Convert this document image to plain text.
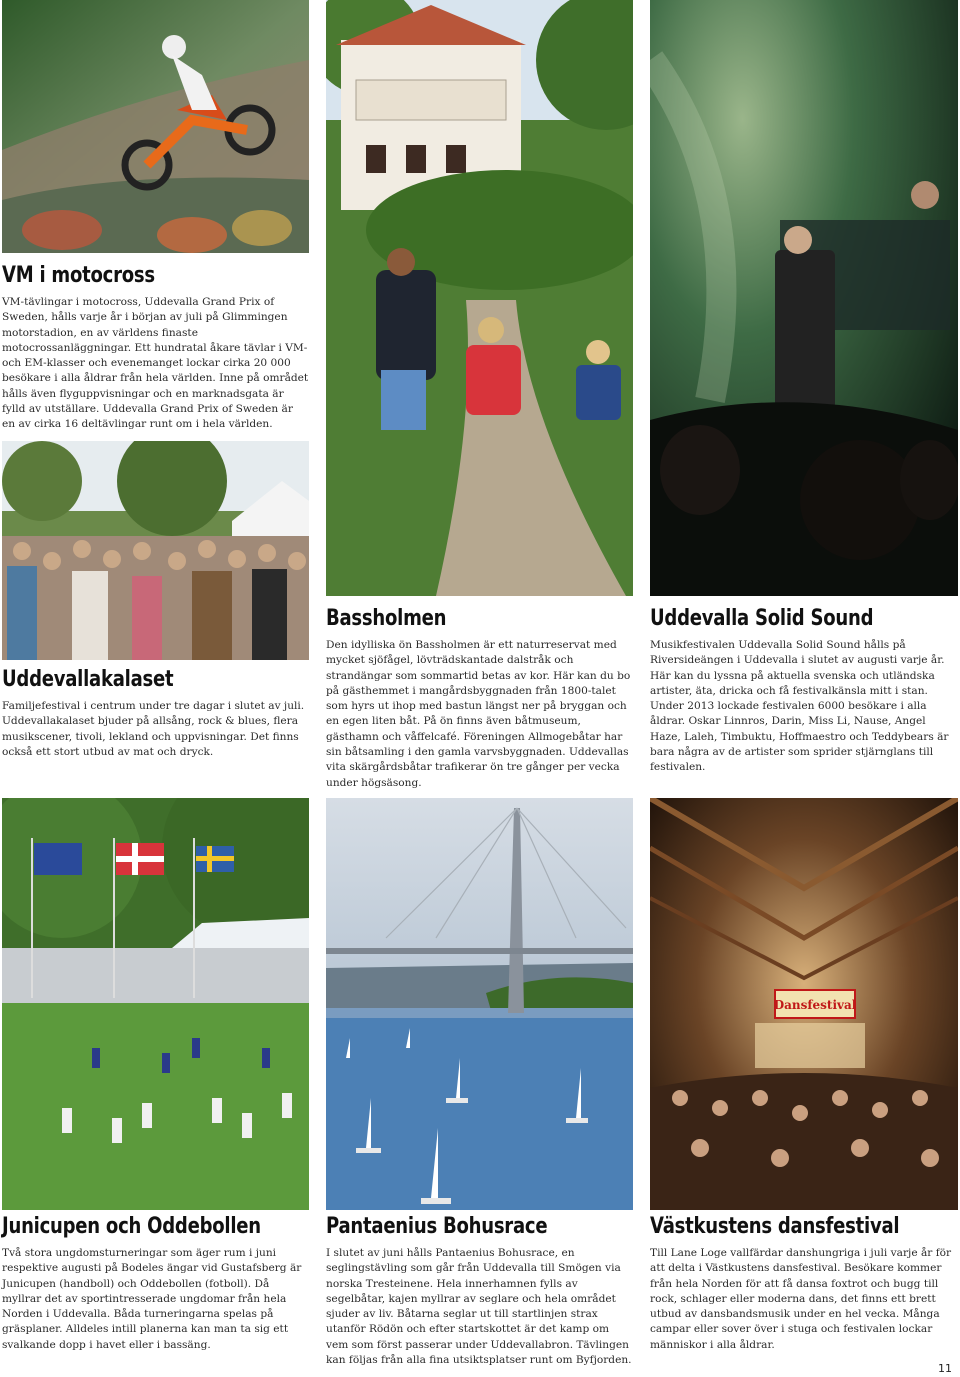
Dansfestival
VM i motocross

VM-tävlingar i motocross, Uddevalla Grand Prix of Sweden, hålls varje år i början av juli på Glimmingen motorstadion, en av världens finaste motocrossanläggningar. Ett hundratal åkare tävlar i VM- och EM-klasser och evenemanget lockar cirka 20 000 besökare i alla åldrar från hela världen. Inne på området hålls även flyguppvisningar och en marknadsgata är fylld av utställare. Uddevalla Grand Prix of Sweden är en av cirka 16 deltävlingar runt om i hela världen.

Uddevallakalaset

Familjefestival i centrum under tre dagar i slutet av juli. Uddevallakalaset bjuder på allsång, rock & blues, flera musikscener, tivoli, lekland och uppvisningar. Det finns också ett stort utbud av mat och dryck.

Bassholmen

Den idylliska ön Bassholmen är ett naturreservat med mycket sjöfågel, lövträdskantade dalstråk och strandängar som sommartid betas av kor. Här kan du bo på gästhemmet i mangårdsbyggnaden från 1800-talet som hyrs ut ihop med bastun längst ner på bryggan och en egen liten båt. På ön finns även båtmuseum, gästhamn och våffelcafé. Föreningen Allmogebåtar har sin båtsamling i den gamla varvsbyggnaden. Uddevallas vita skärgårdsbåtar trafikerar ön tre gånger per vecka under högsäsong.

Uddevalla Solid Sound

Musikfestivalen Uddevalla Solid Sound hålls på Riversideängen i Uddevalla i slutet av augusti varje år. Här kan du lyssna på aktuella svenska och utländska artister, äta, dricka och få festivalkänsla mitt i stan. Under 2013 lockade festivalen 6000 besökare i alla åldrar. Oskar Linnros, Darin, Miss Li, Nause, Angel Haze, Laleh, Timbuktu, Hoffmaestro och Teddybears är bara några av de artister som sprider stjärnglans till festivalen.

Junicupen och Oddebollen

Två stora ungdomsturneringar som äger rum i juni respektive augusti på Bodeles ängar vid Gustafsberg är Junicupen (handboll) och Oddebollen (fotboll). Då myllrar det av sportintresserade ungdomar från hela Norden i Uddevalla. Båda turneringarna spelas på gräsplaner. Alldeles intill planerna kan man ta sig ett svalkande dopp i havet eller i bassäng.

Pantaenius Bohusrace

I slutet av juni hålls Pantaenius Bohusrace, en seglingstävling som går från Uddevalla till Smögen via norska Tresteinene. Hela innerhamnen fylls av segelbåtar, kajen myllrar av seglare och hela området sjuder av liv. Båtarna seglar ut till startlinjen strax utanför Rödön och efter startskottet är det kamp om vem som först passerar under Uddevallabron. Tävlingen kan följas från alla fina utsiktsplatser runt om Byfjorden.

Västkustens dansfestival

Till Lane Loge vallfärdar danshungriga i juli varje år för att delta i Västkustens dansfestival. Besökare kommer från hela Norden för att få dansa foxtrot och bugg till rock, schlager eller moderna dans, det finns ett brett utbud av dansbandsmusik under en hel vecka. Många campar eller sover över i stuga och festivalen lockar människor i alla åldrar.

11
